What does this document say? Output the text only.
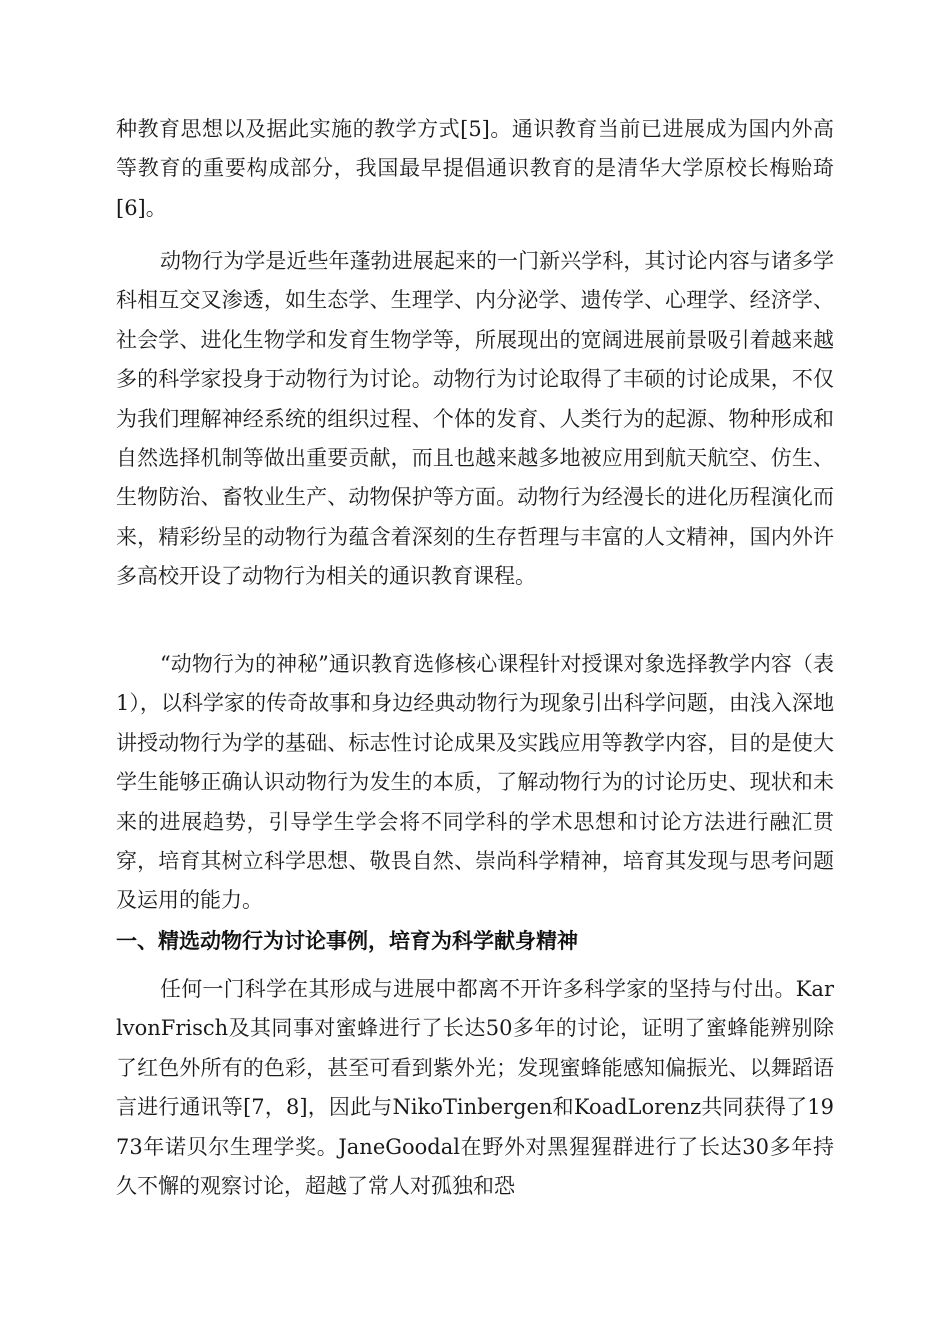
种教育思想以及据此实施的教学方式[5]。通识教育当前已进展成为国内外高等教育的重要构成部分，我国最早提倡通识教育的是清华大学原校长梅贻琦[6]。

动物行为学是近些年蓬勃进展起来的一门新兴学科，其讨论内容与诸多学科相互交叉渗透，如生态学、生理学、内分泌学、遗传学、心理学、经济学、社会学、进化生物学和发育生物学等，所展现出的宽阔进展前景吸引着越来越多的科学家投身于动物行为讨论。动物行为讨论取得了丰硕的讨论成果，不仅为我们理解神经系统的组织过程、个体的发育、人类行为的起源、物种形成和自然选择机制等做出重要贡献，而且也越来越多地被应用到航天航空、仿生、生物防治、畜牧业生产、动物保护等方面。动物行为经漫长的进化历程演化而来，精彩纷呈的动物行为蕴含着深刻的生存哲理与丰富的人文精神，国内外许多高校开设了动物行为相关的通识教育课程。

“动物行为的神秘”通识教育选修核心课程针对授课对象选择教学内容（表1），以科学家的传奇故事和身边经典动物行为现象引出科学问题，由浅入深地讲授动物行为学的基础、标志性讨论成果及实践应用等教学内容，目的是使大学生能够正确认识动物行为发生的本质，了解动物行为的讨论历史、现状和未来的进展趋势，引导学生学会将不同学科的学术思想和讨论方法进行融汇贯穿，培育其树立科学思想、敬畏自然、崇尚科学精神，培育其发现与思考问题及运用的能力。

一、精选动物行为讨论事例，培育为科学献身精神

任何一门科学在其形成与进展中都离不开许多科学家的坚持与付出。KarlvonFrisch及其同事对蜜蜂进行了长达50多年的讨论，证明了蜜蜂能辨别除了红色外所有的色彩，甚至可看到紫外光；发现蜜蜂能感知偏振光、以舞蹈语言进行通讯等[7，8]，因此与NikoTinbergen和KoadLorenz共同获得了1973年诺贝尔生理学奖。JaneGoodal在野外对黑猩猩群进行了长达30多年持久不懈的观察讨论，超越了常人对孤独和恐
